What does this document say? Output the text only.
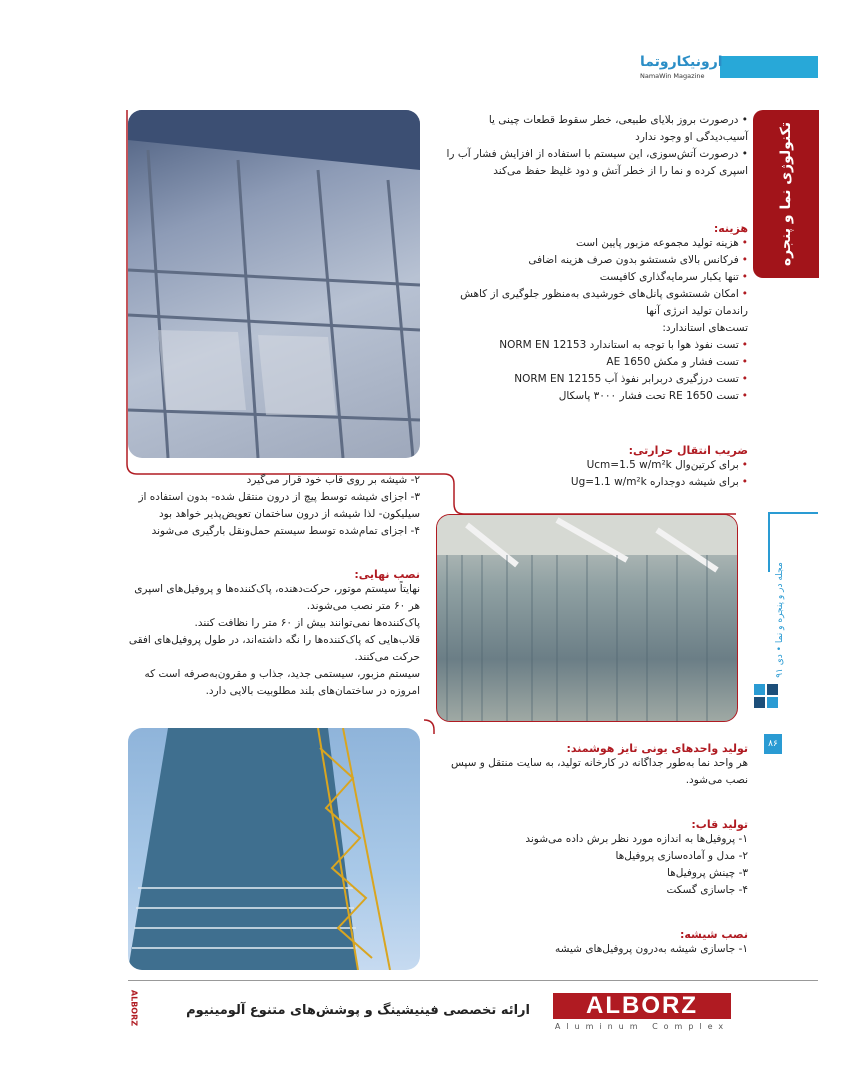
ارونیکاروتما
NamaWin Magazine
تکنولوژی نما و پنجره
مجله در و پنجره و نما • دی ۹۱
۸۶

• درصورت بروز بلایای طبیعی، خطر سقوط قطعات چینی یا آسیب‌دیدگی او وجود ندارد

• درصورت آتش‌سوزی، این سیستم با استفاده از افزایش فشار آب را اسپری کرده و نما را از خطر آتش و دود غلیظ حفظ می‌کند

هزینه:

• هزینه تولید مجموعه مزبور پایین است

• فرکانس بالای شستشو بدون صرف هزینه اضافی

• تنها یکبار سرمایه‌گذاری کافیست

• امکان شستشوی پانل‌های خورشیدی به‌منظور جلوگیری از کاهش راندمان تولید انرژی آنها

تست‌های استاندارد:

• تست نفوذ هوا با توجه به استاندارد NORM EN 12153

• تست فشار و مکش AE 1650

• تست درزگیری دربرابر نفوذ آب NORM EN 12155

• تست RE 1650 تحت فشار ۳۰۰۰ پاسکال

ضریب انتقال حرارتی:

• برای کرتین‌وال Ucm=1.5 w/m²k

• برای شیشه دوجداره Ug=1.1 w/m²k

۲- شیشه بر روی قاب خود قرار می‌گیرد

۳- اجزای شیشه توسط پیچ از درون منتقل شده- بدون استفاده از سیلیکون- لذا شیشه از درون ساختمان تعویض‌پذیر خواهد بود

۴- اجزای تمام‌شده توسط سیستم حمل‌ونقل بارگیری می‌شوند

نصب نهایی:

نهایتاً سیستم موتور، حرکت‌دهنده، پاک‌کننده‌ها و پروفیل‌های اسپری هر ۶۰ متر نصب می‌شوند.

پاک‌کننده‌ها نمی‌توانند بیش از ۶۰ متر را نظافت کنند.

قلاب‌هایی که پاک‌کننده‌ها را نگه داشته‌اند، در طول پروفیل‌های افقی حرکت می‌کنند.

سیستم مزبور، سیستمی جدید، جذاب و مقرون‌به‌صرفه است که امروزه در ساختمان‌های بلند مطلوبیت بالایی دارد.

تولید واحدهای یونی تایز هوشمند:

هر واحد نما به‌طور جداگانه در کارخانه تولید، به سایت منتقل و سپس نصب می‌شود.

تولید قاب:

۱- پروفیل‌ها به اندازه مورد نظر برش داده می‌شوند

۲- مدل و آماده‌سازی پروفیل‌ها

۳- چینش پروفیل‌ها

۴- جاسازی گسکت

نصب شیشه:

۱- جاسازی شیشه به‌درون پروفیل‌های شیشه

ارائه تخصصی فینیشینگ و پوشش‌های متنوع آلومینیوم	ALBORZ
Aluminum Complex
ALBORZ
